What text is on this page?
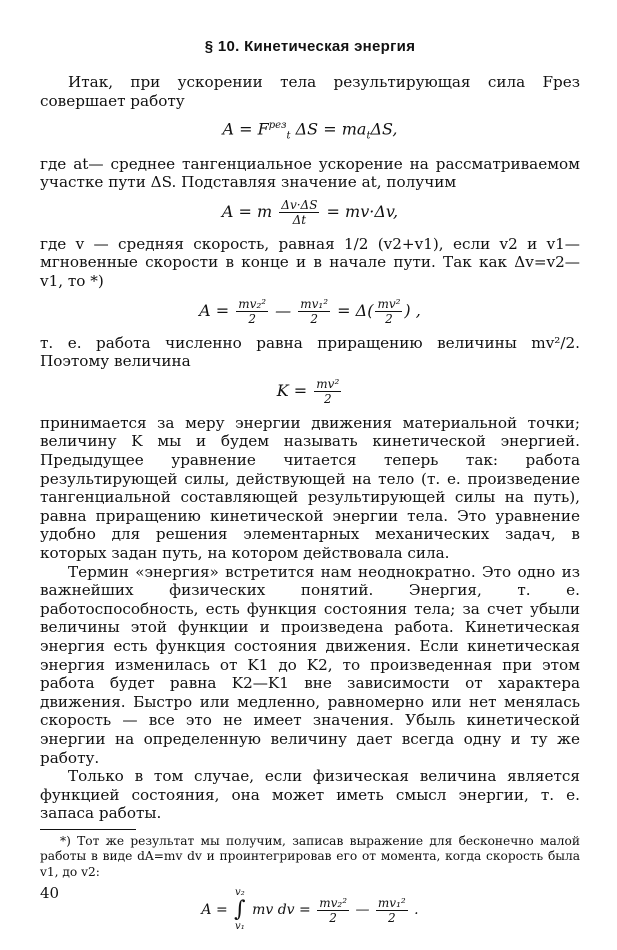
§ 10. Кинетическая энергия

Итак, при ускорении тела результирующая сила Fрез совершает работу

$A = F^{рез}_t$ $\Delta S = ma_t\Delta S$,

где at— среднее тангенциальное ускорение на рассматриваемом участке пути ΔS. Подставляя значение at, получим

A = m $\frac{\Delta v\cdot\Delta S}{\Delta t} = mv\cdot\Delta v$,

где v — средняя скорость, равная 1/2 (v2+v1), если v2 и v1— мгновенные скорости в конце и в начале пути. Так как Δv=v2— v1, то *)

$A = \frac{\text{mv₂²}}{2}$ — $\frac{\text{mv₁²}}{2} = \Delta( \frac{\text{mv²}}{2}$ ) ,

т. е. работа численно равна приращению величины mv²/2. Поэтому величина

$K = \frac{\text{mv²}}{2}$

принимается за меру энергии движения материальной точки; величину K мы и будем называть кинетической энергией. Предыдущее уравнение читается теперь так: работа результирующей силы, действующей на тело (т. е. произведение тангенциальной составляющей результирующей силы на путь), равна приращению кинетической энергии тела. Это уравнение удобно для решения элементарных механических задач, в которых задан путь, на котором действовала сила.

Термин «энергия» встретится нам неоднократно. Это одно из важнейших физических понятий. Энергия, т. е. работоспособность, есть функция состояния тела; за счет убыли величины этой функции и произведена работа. Кинетическая энергия есть функция состояния движения. Если кинетическая энергия изменилась от K1 до K2, то произведенная при этом работа будет равна K2—K1 вне зависимости от характера движения. Быстро или медленно, равномерно или нет менялась скорость — все это не имеет значения. Убыль кинетической энергии на определенную величину дает всегда одну и ту же работу.

Только в том случае, если физическая величина является функцией состояния, она может иметь смысл энергии, т. е. запаса работы.

*) Тот же результат мы получим, записав выражение для бесконечно малой работы в виде dA=mv dv и проинтегрировав его от момента, когда скорость была v1, до v2:

A =
v₂
∫
v₁
mv dv = $\frac{\text{mv₂²}}{2}$ — $\frac{\text{mv₁²}}{2}$ .
40
